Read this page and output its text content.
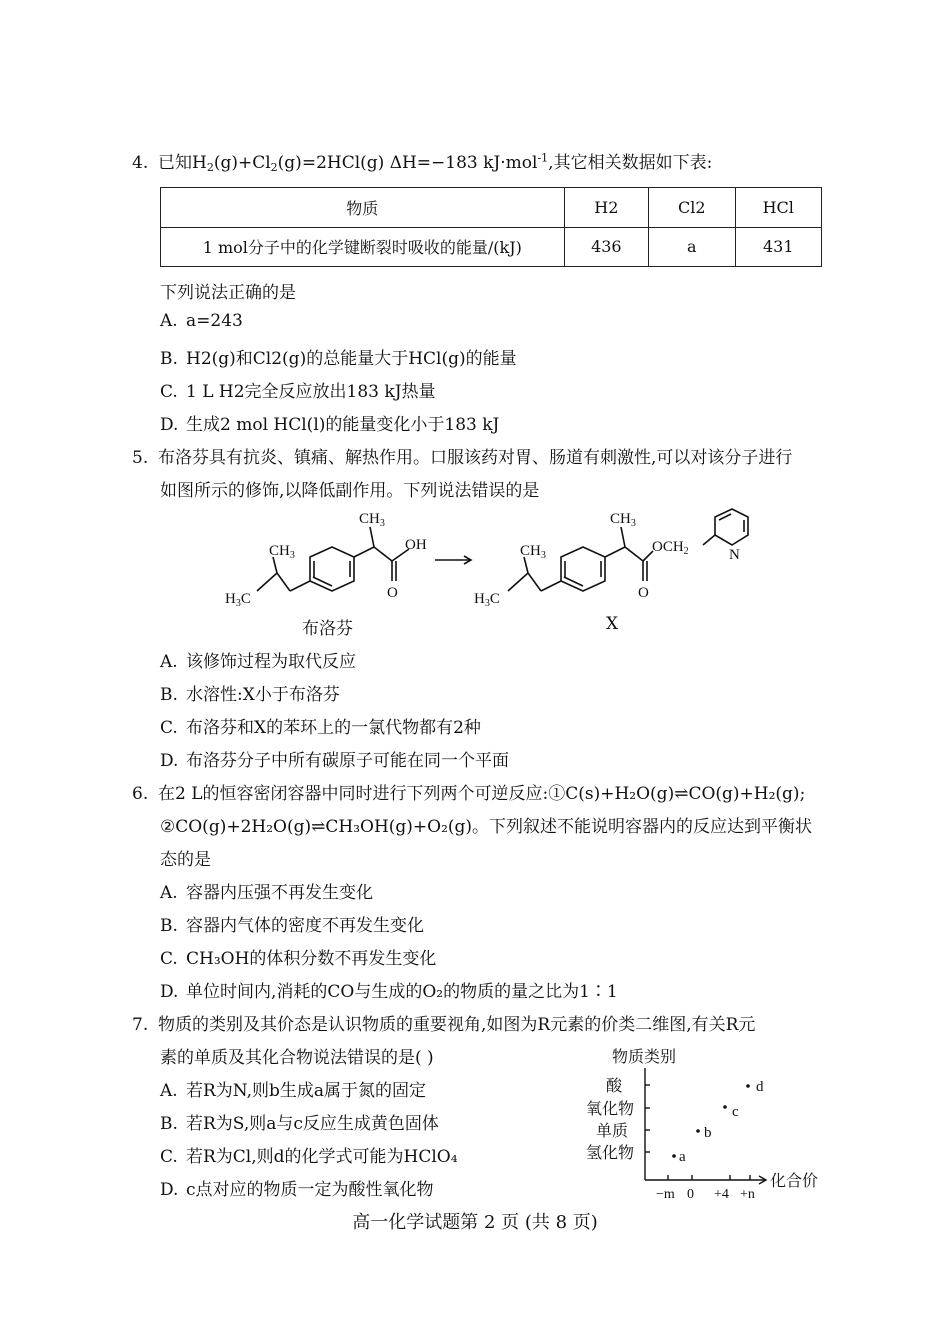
4. 已知$H_2(g)+Cl_2(g)=2HCl(g)$ ΔH=−183 kJ·mol$^{-1}$,其它相关数据如下表:
物质	H2	Cl2	HCl
1 mol分子中的化学键断裂时吸收的能量/(kJ)	436	a	431
下列说法正确的是
A. a=243
B. H2(g)和Cl2(g)的总能量大于HCl(g)的能量
C. 1 L H2完全反应放出183 kJ热量
D. 生成2 mol HCl(l)的能量变化小于183 kJ
5. 布洛芬具有抗炎、镇痛、解热作用。口服该药对胃、肠道有刺激性,可以对该分子进行
如图所示的修饰,以降低副作用。下列说法错误的是
$CH_3$
$CH_3$
$H_3C$
OH
O
$CH_3$
$CH_3$
$H_3C$
$OCH_2$
O
N
布洛芬	X
A. 该修饰过程为取代反应
B. 水溶性:X小于布洛芬
C. 布洛芬和X的苯环上的一氯代物都有2种
D. 布洛芬分子中所有碳原子可能在同一个平面
6. 在2 L的恒容密闭容器中同时进行下列两个可逆反应:①C(s)+H₂O(g)⇌CO(g)+H₂(g);
②CO(g)+2H₂O(g)⇌CH₃OH(g)+O₂(g)。下列叙述不能说明容器内的反应达到平衡状
态的是
A. 容器内压强不再发生变化
B. 容器内气体的密度不再发生变化
C. CH₃OH的体积分数不再发生变化
D. 单位时间内,消耗的CO与生成的O₂的物质的量之比为1∶1
7. 物质的类别及其价态是认识物质的重要视角,如图为R元素的价类二维图,有关R元
素的单质及其化合物说法错误的是( )
A. 若R为N,则b生成a属于氮的固定
B. 若R为S,则a与c反应生成黄色固体
C. 若R为Cl,则d的化学式可能为HClO₄
D. c点对应的物质一定为酸性氧化物
物质类别
酸
氧化物
单质
氢化物
化合价
−m 0 +4 +n
a
b
c
d
高一化学试题第 2 页 (共 8 页)
